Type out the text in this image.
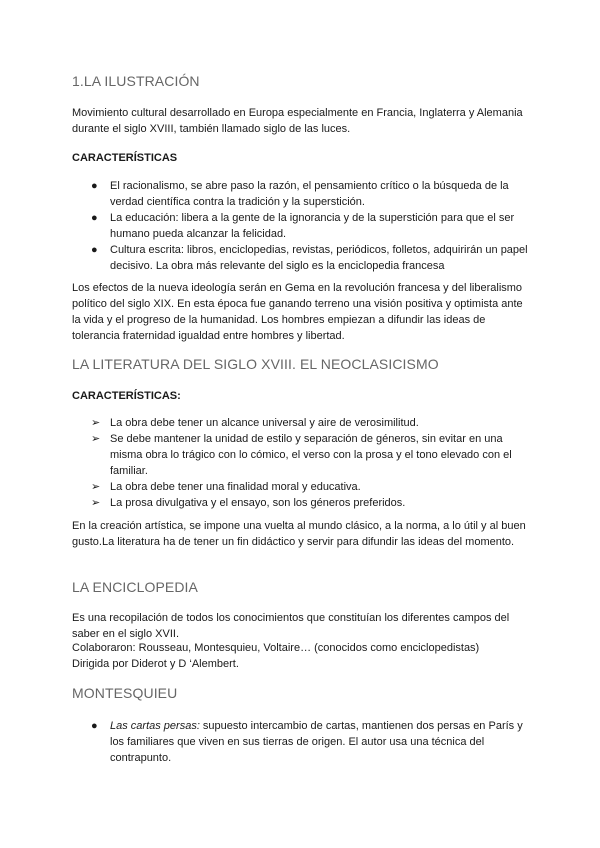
1.LA ILUSTRACIÓN

Movimiento cultural desarrollado en Europa especialmente en Francia, Inglaterra y Alemania durante el siglo XVIII, también llamado siglo de las luces.

CARACTERÍSTICAS
●	El racionalismo, se abre paso la razón, el pensamiento crítico o la búsqueda de la verdad científica contra la tradición y la superstición.
●	La educación: libera a la gente de la ignorancia y de la superstición para que el ser humano pueda alcanzar la felicidad.
●	Cultura escrita: libros, enciclopedias, revistas, periódicos, folletos, adquirirán un papel decisivo. La obra más relevante del siglo es la enciclopedia francesa

Los efectos de la nueva ideología serán en Gema en la revolución francesa y del liberalismo político del siglo XIX. En esta época fue ganando terreno una visión positiva y optimista ante la vida y el progreso de la humanidad. Los hombres empiezan a difundir las ideas de tolerancia fraternidad igualdad entre hombres y libertad.

LA LITERATURA DEL SIGLO XVIII. EL NEOCLASICISMO
CARACTERÍSTICAS:
➢ La obra debe tener un alcance universal y aire de verosimilitud.
➢ Se debe mantener la unidad de estilo y separación de géneros, sin evitar en una misma obra lo trágico con lo cómico, el verso con la prosa y el tono elevado con el familiar.
➢ La obra debe tener una finalidad moral y educativa.
➢ La prosa divulgativa y el ensayo, son los géneros preferidos.

En la creación artística, se impone una vuelta al mundo clásico, a la norma, a lo útil y al buen gusto.La literatura ha de tener un fin didáctico y servir para difundir las ideas del momento.

LA ENCICLOPEDIA

Es una recopilación de todos los conocimientos que constituían los diferentes campos del saber en el siglo XVII.

Colaboraron: Rousseau, Montesquieu, Voltaire… (conocidos como enciclopedistas)

Dirigida por Diderot y D ‘Alembert.

MONTESQUIEU
●	Las cartas persas: supuesto intercambio de cartas, mantienen dos persas en París y los familiares que viven en sus tierras de origen. El autor usa una técnica del contrapunto.
